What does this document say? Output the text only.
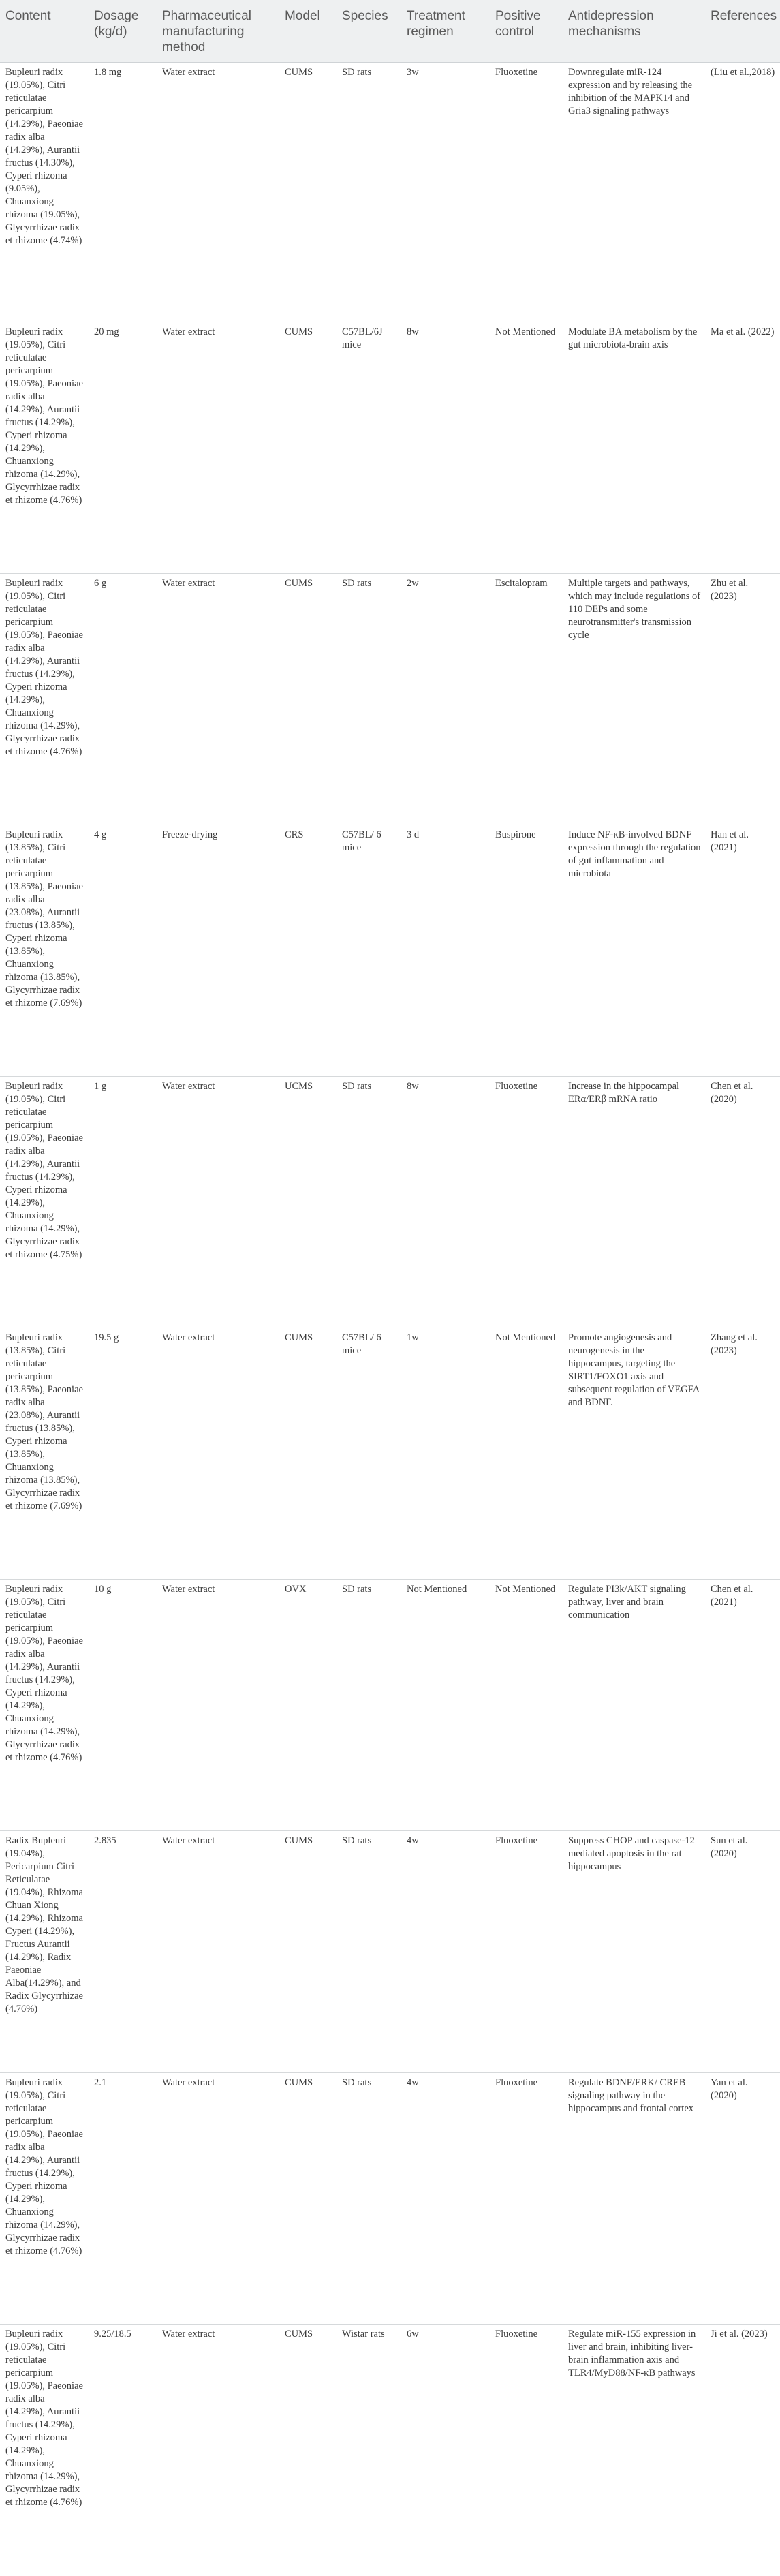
Content	Dosage (kg/d)	Pharmaceutical manufacturing method	Model	Species	Treatment regimen	Positive control	Antidepression mechanisms	References
Bupleuri radix (19.05%), Citri reticulatae pericarpium (14.29%), Paeoniae radix alba (14.29%), Aurantii fructus (14.30%), Cyperi rhizoma (9.05%), Chuanxiong rhizoma (19.05%), Glycyrrhizae radix et rhizome (4.74%)	1.8 mg	Water extract	CUMS	SD rats	3w	Fluoxetine	Downregulate miR-124 expression and by releasing the inhibition of the MAPK14 and Gria3 signaling pathways	(Liu et al.,2018)
Bupleuri radix (19.05%), Citri reticulatae pericarpium (19.05%), Paeoniae radix alba (14.29%), Aurantii fructus (14.29%), Cyperi rhizoma (14.29%), Chuanxiong rhizoma (14.29%), Glycyrrhizae radix et rhizome (4.76%)	20 mg	Water extract	CUMS	C57BL/6J mice	8w	Not Mentioned	Modulate BA metabolism by the gut microbiota-brain axis	Ma et al. (2022)
Bupleuri radix (19.05%), Citri reticulatae pericarpium (19.05%), Paeoniae radix alba (14.29%), Aurantii fructus (14.29%), Cyperi rhizoma (14.29%), Chuanxiong rhizoma (14.29%), Glycyrrhizae radix et rhizome (4.76%)	6 g	Water extract	CUMS	SD rats	2w	Escitalopram	Multiple targets and pathways, which may include regulations of 110 DEPs and some neurotransmitter's transmission cycle	Zhu et al. (2023)
Bupleuri radix (13.85%), Citri reticulatae pericarpium (13.85%), Paeoniae radix alba (23.08%), Aurantii fructus (13.85%), Cyperi rhizoma (13.85%), Chuanxiong rhizoma (13.85%), Glycyrrhizae radix et rhizome (7.69%)	4 g	Freeze-drying	CRS	C57BL/ 6 mice	3 d	Buspirone	Induce NF-κB-involved BDNF expression through the regulation of gut inflammation and microbiota	Han et al. (2021)
Bupleuri radix (19.05%), Citri reticulatae pericarpium (19.05%), Paeoniae radix alba (14.29%), Aurantii fructus (14.29%), Cyperi rhizoma (14.29%), Chuanxiong rhizoma (14.29%), Glycyrrhizae radix et rhizome (4.75%)	1 g	Water extract	UCMS	SD rats	8w	Fluoxetine	Increase in the hippocampal ERα/ERβ mRNA ratio	Chen et al. (2020)
Bupleuri radix (13.85%), Citri reticulatae pericarpium (13.85%), Paeoniae radix alba (23.08%), Aurantii fructus (13.85%), Cyperi rhizoma (13.85%), Chuanxiong rhizoma (13.85%), Glycyrrhizae radix et rhizome (7.69%)	19.5 g	Water extract	CUMS	C57BL/ 6 mice	1w	Not Mentioned	Promote angiogenesis and neurogenesis in the hippocampus, targeting the SIRT1/FOXO1 axis and subsequent regulation of VEGFA and BDNF.	Zhang et al. (2023)
Bupleuri radix (19.05%), Citri reticulatae pericarpium (19.05%), Paeoniae radix alba (14.29%), Aurantii fructus (14.29%), Cyperi rhizoma (14.29%), Chuanxiong rhizoma (14.29%), Glycyrrhizae radix et rhizome (4.76%)	10 g	Water extract	OVX	SD rats	Not Mentioned	Not Mentioned	Regulate PI3k/AKT signaling pathway, liver and brain communication	Chen et al. (2021)
Radix Bupleuri (19.04%), Pericarpium Citri Reticulatae (19.04%), Rhizoma Chuan Xiong (14.29%), Rhizoma Cyperi (14.29%), Fructus Aurantii (14.29%), Radix Paeoniae Alba(14.29%), and Radix Glycyrrhizae (4.76%)	2.835	Water extract	CUMS	SD rats	4w	Fluoxetine	Suppress CHOP and caspase-12 mediated apoptosis in the rat hippocampus	Sun et al. (2020)
Bupleuri radix (19.05%), Citri reticulatae pericarpium (19.05%), Paeoniae radix alba (14.29%), Aurantii fructus (14.29%), Cyperi rhizoma (14.29%), Chuanxiong rhizoma (14.29%), Glycyrrhizae radix et rhizome (4.76%)	2.1	Water extract	CUMS	SD rats	4w	Fluoxetine	Regulate BDNF/ERK/ CREB signaling pathway in the hippocampus and frontal cortex	Yan et al. (2020)
Bupleuri radix (19.05%), Citri reticulatae pericarpium (19.05%), Paeoniae radix alba (14.29%), Aurantii fructus (14.29%), Cyperi rhizoma (14.29%), Chuanxiong rhizoma (14.29%), Glycyrrhizae radix et rhizome (4.76%)	9.25/18.5	Water extract	CUMS	Wistar rats	6w	Fluoxetine	Regulate miR-155 expression in liver and brain, inhibiting liver-brain inflammation axis and TLR4/MyD88/NF-κB pathways	Ji et al. (2023)
